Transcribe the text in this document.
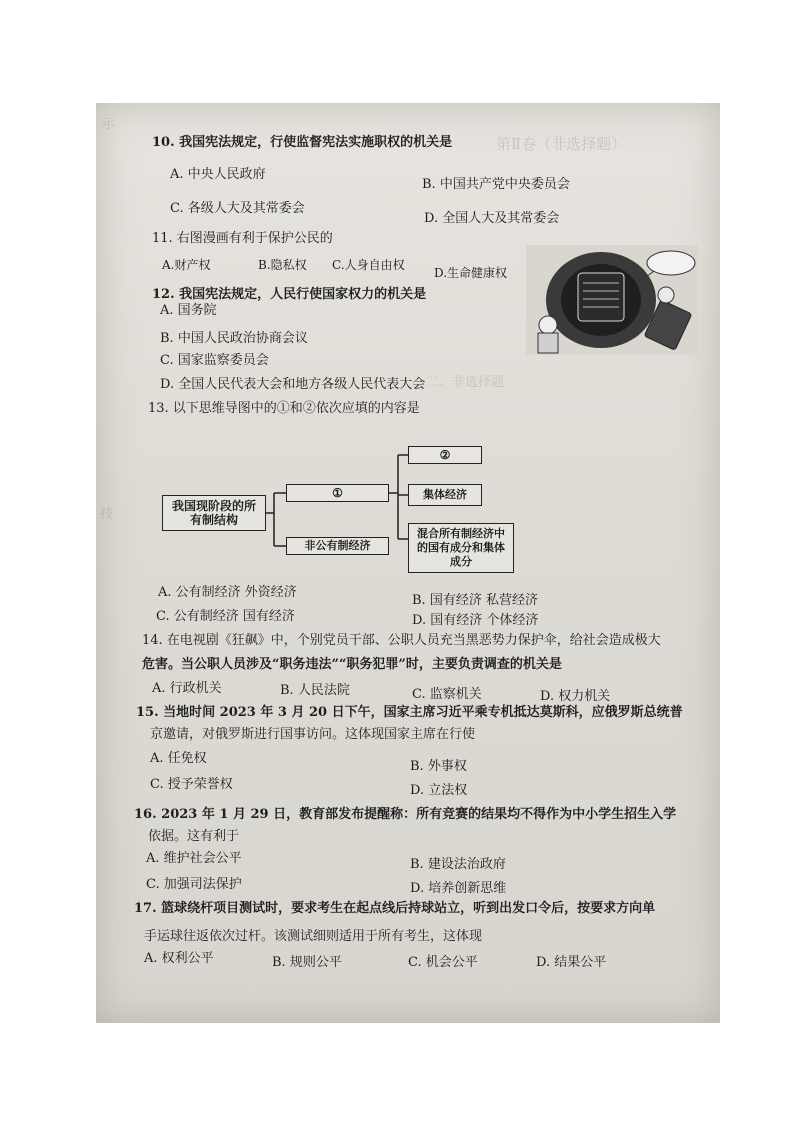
第Ⅱ卷（非选择题）
二、非选择题
示
技
10. 我国宪法规定，行使监督宪法实施职权的机关是
A. 中央人民政府
B. 中国共产党中央委员会
C. 各级人大及其常委会
D. 全国人大及其常委会
11. 右图漫画有利于保护公民的
A.财产权	B.隐私权 C.人身自由权
D.生命健康权
12. 我国宪法规定，人民行使国家权力的机关是
A. 国务院
B. 中国人民政治协商会议
C. 国家监察委员会
D. 全国人民代表大会和地方各级人民代表大会
13. 以下思维导图中的①和②依次应填的内容是
我国现阶段的所有制结构
①
②
集体经济
混合所有制经济中的国有成分和集体成分
非公有制经济
A. 公有制经济 外资经济
B. 国有经济 私营经济
C. 公有制经济 国有经济	D. 国有经济 个体经济
14. 在电视剧《狂飙》中，个别党员干部、公职人员充当黑恶势力保护伞，给社会造成极大
危害。当公职人员涉及“职务违法”“职务犯罪”时，主要负责调查的机关是
A. 行政机关	B. 人民法院	C. 监察机关	D. 权力机关
15. 当地时间 2023 年 3 月 20 日下午，国家主席习近平乘专机抵达莫斯科，应俄罗斯总统普
京邀请，对俄罗斯进行国事访问。这体现国家主席在行使
A. 任免权
B. 外事权
C. 授予荣誉权	D. 立法权
16. 2023 年 1 月 29 日，教育部发布提醒称：所有竞赛的结果均不得作为中小学生招生入学
依据。这有利于
A. 维护社会公平	B. 建设法治政府
C. 加强司法保护	D. 培养创新思维
17. 篮球绕杆项目测试时，要求考生在起点线后持球站立，听到出发口令后，按要求方向单
手运球往返依次过杆。该测试细则适用于所有考生，这体现
A. 权利公平	B. 规则公平	C. 机会公平	D. 结果公平
